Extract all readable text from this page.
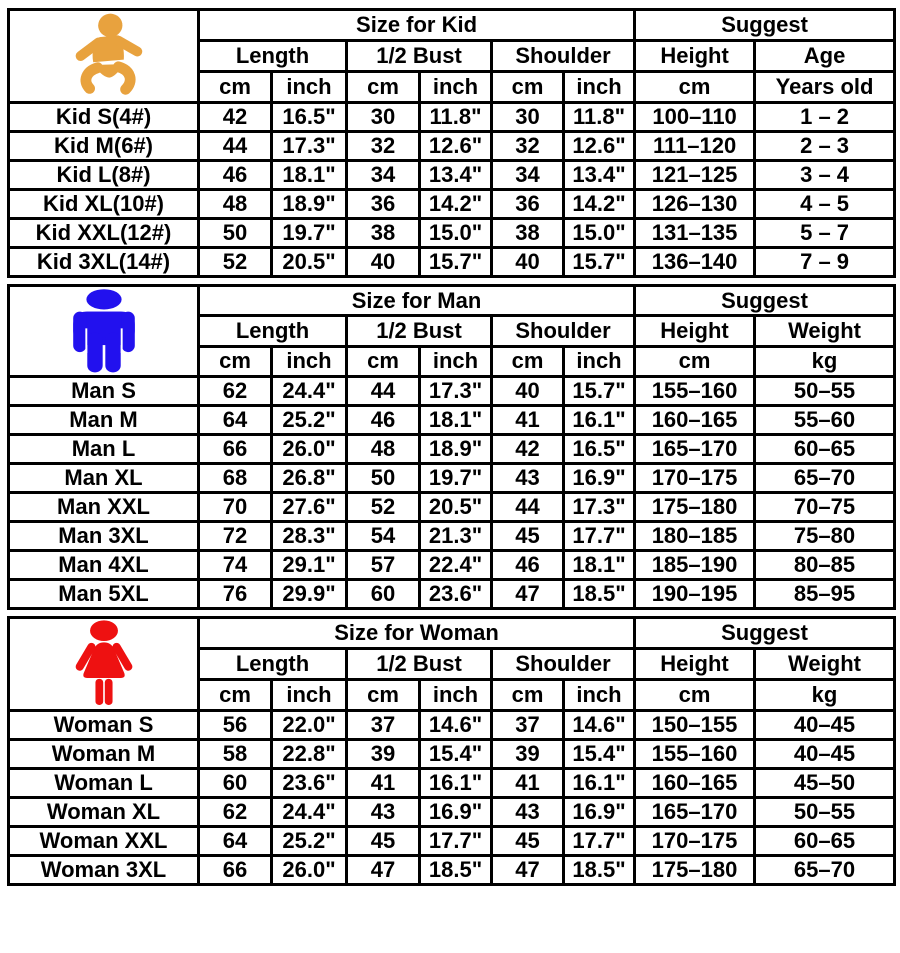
	Size for Kid						Suggest	
	Length		1/2 Bust		Shoulder		Height	Age
	cm	inch	cm	inch	cm	inch	cm	Years old
Kid S(4#)	42	16.5"	30	11.8"	30	11.8"	100–110	1 – 2
Kid M(6#)	44	17.3"	32	12.6"	32	12.6"	111–120	2 – 3
Kid L(8#)	46	18.1"	34	13.4"	34	13.4"	121–125	3 – 4
Kid XL(10#)	48	18.9"	36	14.2"	36	14.2"	126–130	4 – 5
Kid XXL(12#)	50	19.7"	38	15.0"	38	15.0"	131–135	5 – 7
Kid 3XL(14#)	52	20.5"	40	15.7"	40	15.7"	136–140	7 – 9
	Size for Man						Suggest	
	Length		1/2 Bust		Shoulder		Height	Weight
	cm	inch	cm	inch	cm	inch	cm	kg
Man S	62	24.4"	44	17.3"	40	15.7"	155–160	50–55
Man M	64	25.2"	46	18.1"	41	16.1"	160–165	55–60
Man L	66	26.0"	48	18.9"	42	16.5"	165–170	60–65
Man XL	68	26.8"	50	19.7"	43	16.9"	170–175	65–70
Man XXL	70	27.6"	52	20.5"	44	17.3"	175–180	70–75
Man 3XL	72	28.3"	54	21.3"	45	17.7"	180–185	75–80
Man 4XL	74	29.1"	57	22.4"	46	18.1"	185–190	80–85
Man 5XL	76	29.9"	60	23.6"	47	18.5"	190–195	85–95
	Size for Woman						Suggest	
	Length		1/2 Bust		Shoulder		Height	Weight
	cm	inch	cm	inch	cm	inch	cm	kg
Woman S	56	22.0"	37	14.6"	37	14.6"	150–155	40–45
Woman M	58	22.8"	39	15.4"	39	15.4"	155–160	40–45
Woman L	60	23.6"	41	16.1"	41	16.1"	160–165	45–50
Woman XL	62	24.4"	43	16.9"	43	16.9"	165–170	50–55
Woman XXL	64	25.2"	45	17.7"	45	17.7"	170–175	60–65
Woman 3XL	66	26.0"	47	18.5"	47	18.5"	175–180	65–70
